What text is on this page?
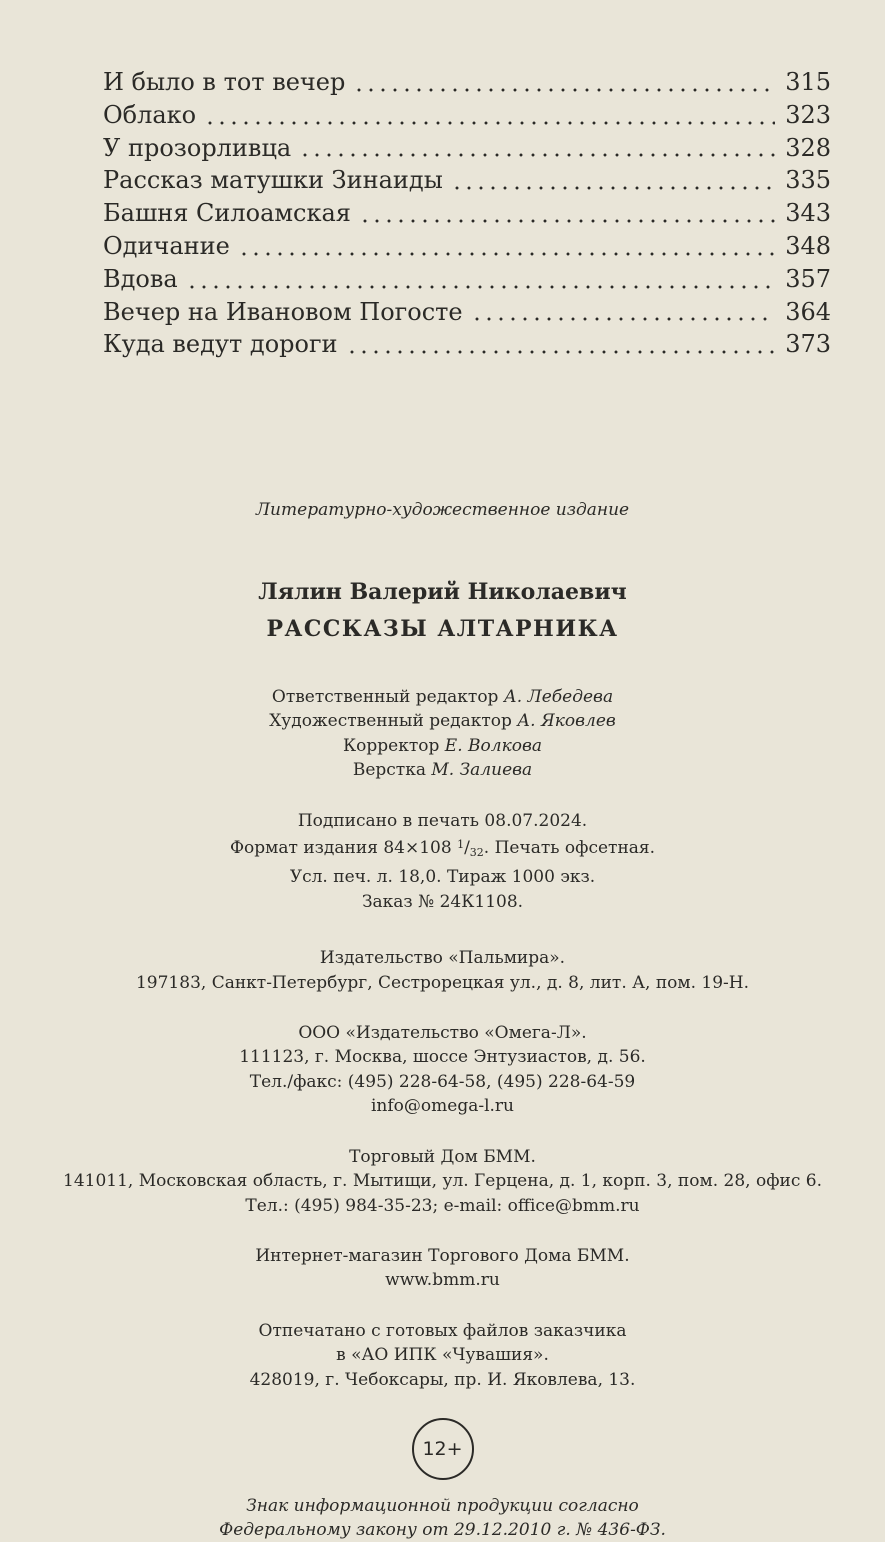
И было в тот вечер	315
Облако	323
У прозорливца	328
Рассказ матушки Зинаиды	335
Башня Силоамская	343
Одичание	348
Вдова	357
Вечер на Ивановом Погосте	364
Куда ведут дороги	373
Литературно-художественное издание
Лялин Валерий Николаевич
РАССКАЗЫ АЛТАРНИКА
Ответственный редактор А. Лебедева
Художественный редактор А. Яковлев
Корректор Е. Волкова
Верстка М. Залиева
Подписано в печать 08.07.2024.
Формат издания 84×108 $^1$/32. Печать офсетная.
Усл. печ. л. 18,0. Тираж 1000 экз.
Заказ № 24К1108.
Издательство «Пальмира».
197183, Санкт-Петербург, Сестрорецкая ул., д. 8, лит. А, пом. 19-Н.
ООО «Издательство «Омега-Л».
111123, г. Москва, шоссе Энтузиастов, д. 56.
Тел./факс: (495) 228-64-58, (495) 228-64-59
info@omega-l.ru
Торговый Дом БММ.
141011, Московская область, г. Мытищи, ул. Герцена, д. 1, корп. 3, пом. 28, офис 6.
Тел.: (495) 984-35-23; e-mail: office@bmm.ru
Интернет-магазин Торгового Дома БММ.
www.bmm.ru
Отпечатано с готовых файлов заказчика
в «АО ИПК «Чувашия».
428019, г. Чебоксары, пр. И. Яковлева, 13.
12+
Знак информационной продукции согласно
Федеральному закону от 29.12.2010 г. № 436-ФЗ.
